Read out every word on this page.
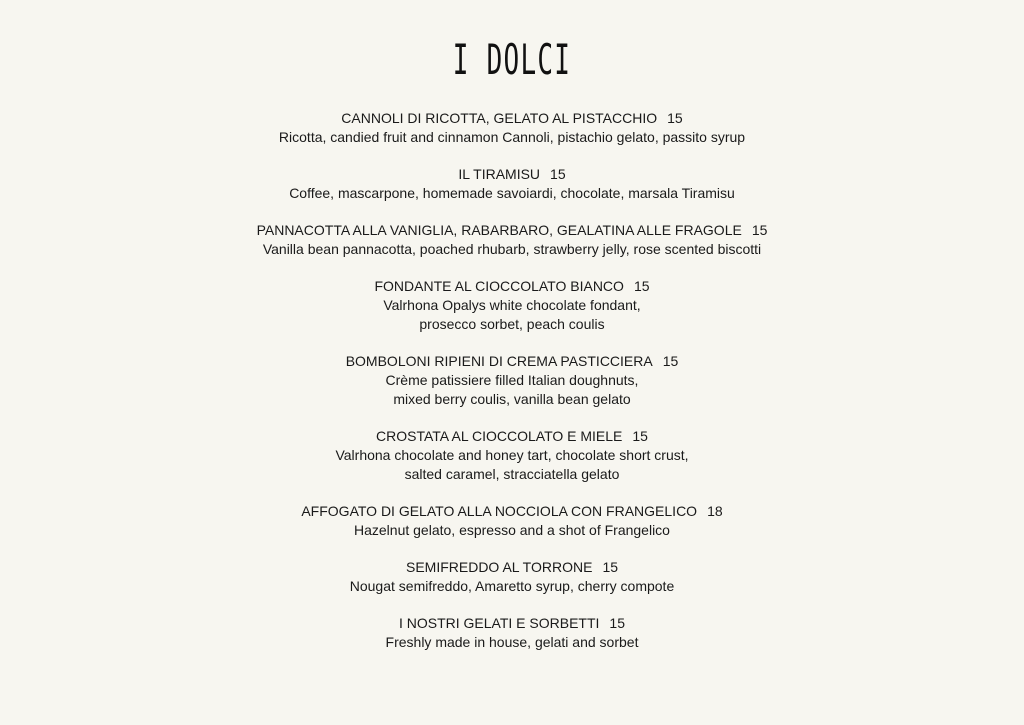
I DOLCI
CANNOLI DI RICOTTA, GELATO AL PISTACCHIO 15
Ricotta, candied fruit and cinnamon Cannoli, pistachio gelato, passito syrup
IL TIRAMISU 15
Coffee, mascarpone, homemade savoiardi, chocolate, marsala Tiramisu
PANNACOTTA ALLA VANIGLIA, RABARBARO, GEALATINA ALLE FRAGOLE 15
Vanilla bean pannacotta, poached rhubarb, strawberry jelly, rose scented biscotti
FONDANTE AL CIOCCOLATO BIANCO 15
Valrhona Opalys white chocolate fondant,
prosecco sorbet, peach coulis
BOMBOLONI RIPIENI DI CREMA PASTICCIERA 15
Crème patissiere filled Italian doughnuts,
mixed berry coulis, vanilla bean gelato
CROSTATA AL CIOCCOLATO E MIELE 15
Valrhona chocolate and honey tart, chocolate short crust,
salted caramel, stracciatella gelato
AFFOGATO DI GELATO ALLA NOCCIOLA CON FRANGELICO 18
Hazelnut gelato, espresso and a shot of Frangelico
SEMIFREDDO AL TORRONE 15
Nougat semifreddo, Amaretto syrup, cherry compote
I NOSTRI GELATI E SORBETTI 15
Freshly made in house, gelati and sorbet
